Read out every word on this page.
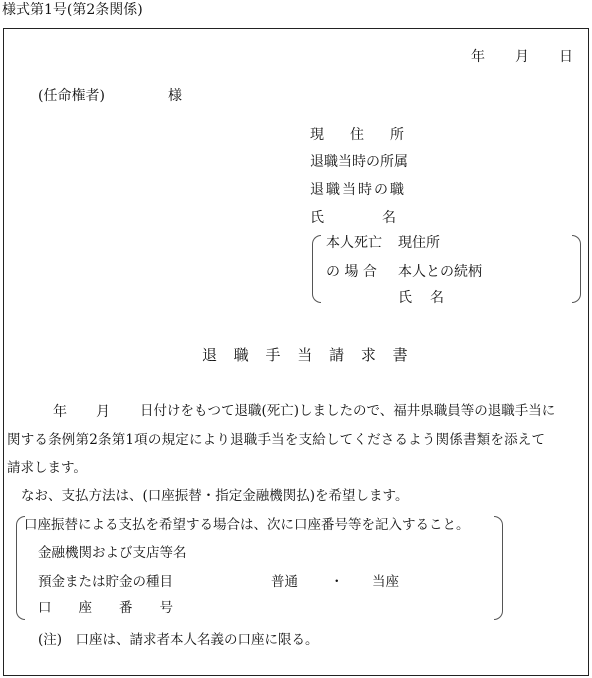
様式第1号(第2条関係)
年 月 日
(任命権者)	様
現　住　所
退職当時の所属
退職当時の職
氏　　　名
本人死亡
の 場 合
現住所
本人との続柄
氏　名
退 職 手 当 請 求 書
年 月 日付けをもつて退職(死亡)しましたので、福井県職員等の退職手当に
関する条例第2条第1項の規定により退職手当を支給してくださるよう関係書類を添えて
請求します。
なお、支払方法は、(口座振替・指定金融機関払)を希望します。
口座振替による支払を希望する場合は、次に口座番号等を記入すること。
金融機関および支店等名
預金または貯金の種目	普通 ・ 当座
口　　座　　番　　号
(注)　口座は、請求者本人名義の口座に限る。
